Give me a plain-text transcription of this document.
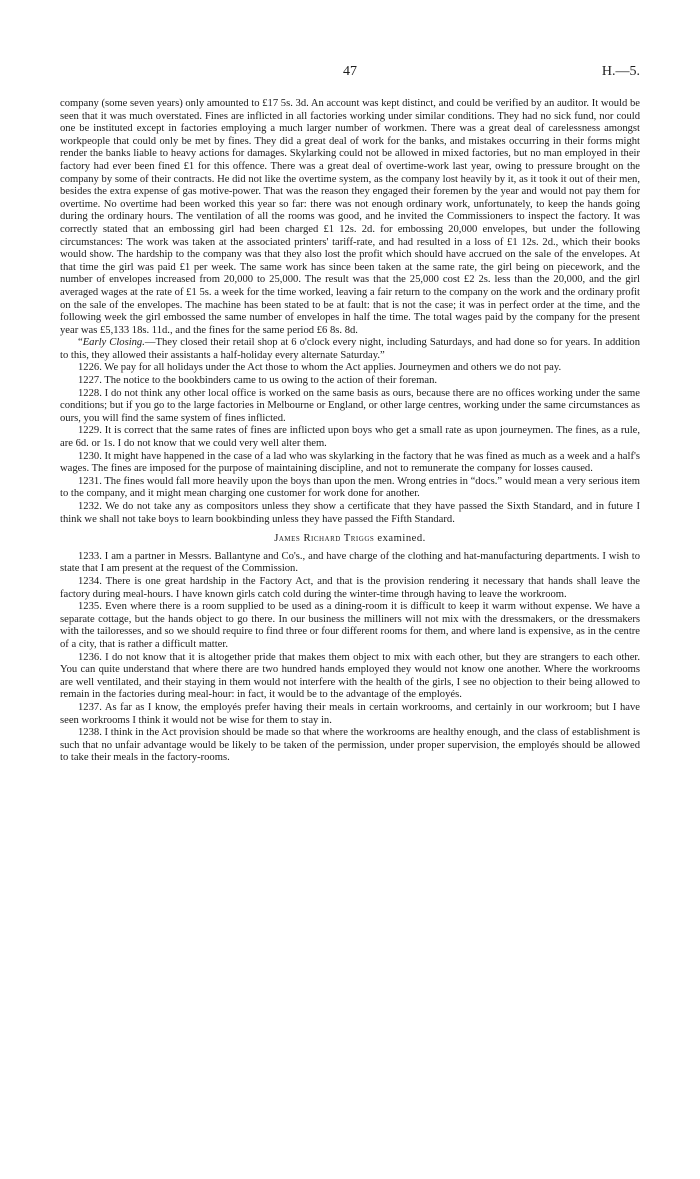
47	H.—5.

company (some seven years) only amounted to £17 5s. 3d. An account was kept distinct, and could be verified by an auditor. It would be seen that it was much overstated. Fines are inflicted in all factories working under similar conditions. They had no sick fund, nor could one be instituted except in factories employing a much larger number of workmen. There was a great deal of carelessness amongst workpeople that could only be met by fines. They did a great deal of work for the banks, and mistakes occurring in their forms might render the banks liable to heavy actions for damages. Skylarking could not be allowed in mixed factories, but no man employed in their factory had ever been fined £1 for this offence. There was a great deal of overtime-work last year, owing to pressure brought on the company by some of their contracts. He did not like the overtime system, as the company lost heavily by it, as it took it out of their men, besides the extra expense of gas motive-power. That was the reason they engaged their foremen by the year and would not pay them for overtime. No overtime had been worked this year so far: there was not enough ordinary work, unfortunately, to keep the hands going during the ordinary hours. The ventilation of all the rooms was good, and he invited the Commissioners to inspect the factory. It was correctly stated that an embossing girl had been charged £1 12s. 2d. for embossing 20,000 envelopes, but under the following circumstances: The work was taken at the associated printers' tariff-rate, and had resulted in a loss of £1 12s. 2d., which their books would show. The hardship to the company was that they also lost the profit which should have accrued on the sale of the envelopes. At that time the girl was paid £1 per week. The same work has since been taken at the same rate, the girl being on piecework, and the number of envelopes increased from 20,000 to 25,000. The result was that the 25,000 cost £2 2s. less than the 20,000, and the girl averaged wages at the rate of £1 5s. a week for the time worked, leaving a fair return to the company on the work and the ordinary profit on the sale of the envelopes. The machine has been stated to be at fault: that is not the case; it was in perfect order at the time, and the following week the girl embossed the same number of envelopes in half the time. The total wages paid by the company for the present year was £5,133 18s. 11d., and the fines for the same period £6 8s. 8d.

“Early Closing.—They closed their retail shop at 6 o'clock every night, including Saturdays, and had done so for years. In addition to this, they allowed their assistants a half-holiday every alternate Saturday.”

1226. We pay for all holidays under the Act those to whom the Act applies. Journeymen and others we do not pay.

1227. The notice to the bookbinders came to us owing to the action of their foreman.

1228. I do not think any other local office is worked on the same basis as ours, because there are no offices working under the same conditions; but if you go to the large factories in Melbourne or England, or other large centres, working under the same circumstances as ours, you will find the same system of fines inflicted.

1229. It is correct that the same rates of fines are inflicted upon boys who get a small rate as upon journeymen. The fines, as a rule, are 6d. or 1s. I do not know that we could very well alter them.

1230. It might have happened in the case of a lad who was skylarking in the factory that he was fined as much as a week and a half's wages. The fines are imposed for the purpose of maintaining discipline, and not to remunerate the company for losses caused.

1231. The fines would fall more heavily upon the boys than upon the men. Wrong entries in “docs.” would mean a very serious item to the company, and it might mean charging one customer for work done for another.

1232. We do not take any as compositors unless they show a certificate that they have passed the Sixth Standard, and in future I think we shall not take boys to learn bookbinding unless they have passed the Fifth Standard.

James Richard Triggs examined.

1233. I am a partner in Messrs. Ballantyne and Co's., and have charge of the clothing and hat-manufacturing departments. I wish to state that I am present at the request of the Commission.

1234. There is one great hardship in the Factory Act, and that is the provision rendering it necessary that hands shall leave the factory during meal-hours. I have known girls catch cold during the winter-time through having to leave the workroom.

1235. Even where there is a room supplied to be used as a dining-room it is difficult to keep it warm without expense. We have a separate cottage, but the hands object to go there. In our business the milliners will not mix with the dressmakers, or the dressmakers with the tailoresses, and so we should require to find three or four different rooms for them, and where land is expensive, as in the centre of a city, that is rather a difficult matter.

1236. I do not know that it is altogether pride that makes them object to mix with each other, but they are strangers to each other. You can quite understand that where there are two hundred hands employed they would not know one another. Where the workrooms are well ventilated, and their staying in them would not interfere with the health of the girls, I see no objection to their being allowed to remain in the factories during meal-hour: in fact, it would be to the advantage of the employés.

1237. As far as I know, the employés prefer having their meals in certain workrooms, and certainly in our workroom; but I have seen workrooms I think it would not be wise for them to stay in.

1238. I think in the Act provision should be made so that where the workrooms are healthy enough, and the class of establishment is such that no unfair advantage would be likely to be taken of the permission, under proper supervision, the employés should be allowed to take their meals in the factory-rooms.
